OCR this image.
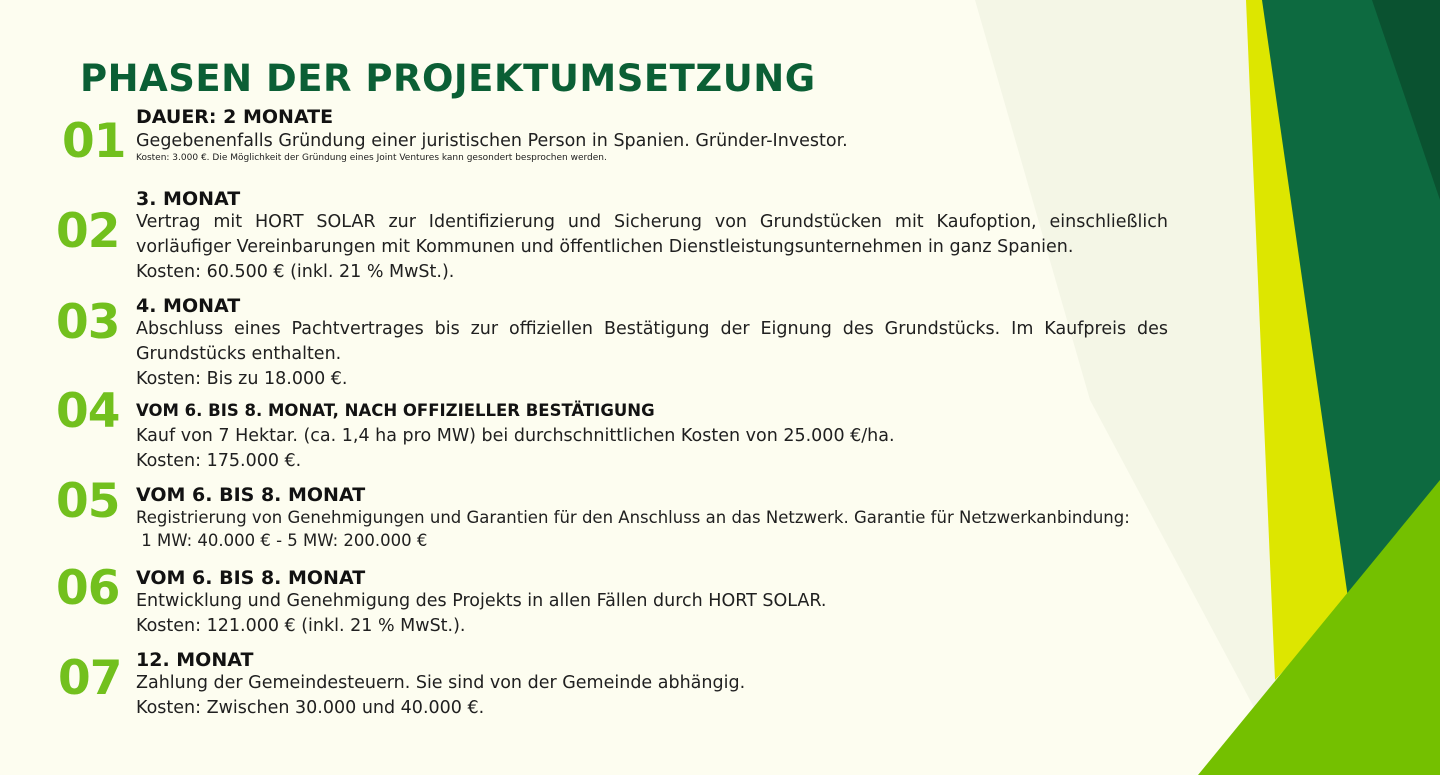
PHASEN DER PROJEKTUMSETZUNG
01 DAUER: 2 MONATE

Gegebenenfalls Gründung einer juristischen Person in Spanien. Gründer-Investor.

Kosten: 3.000 €. Die Möglichkeit der Gründung eines Joint Ventures kann gesondert besprochen werden.
02
3. MONAT

Vertrag mit HORT SOLAR zur Identifizierung und Sicherung von Grundstücken mit Kaufoption, einschließlich vorläufiger Vereinbarungen mit Kommunen und öffentlichen Dienstleistungsunternehmen in ganz Spanien.

Kosten: 60.500 € (inkl. 21 % MwSt.).
03 4. MONAT

Abschluss eines Pachtvertrages bis zur offiziellen Bestätigung der Eignung des Grundstücks. Im Kaufpreis des Grundstücks enthalten.

Kosten: Bis zu 18.000 €.
04 VOM 6. BIS 8. MONAT, NACH OFFIZIELLER BESTÄTIGUNG

Kauf von 7 Hektar. (ca. 1,4 ha pro MW) bei durchschnittlichen Kosten von 25.000 €/ha.

Kosten: 175.000 €.
05 VOM 6. BIS 8. MONAT

Registrierung von Genehmigungen und Garantien für den Anschluss an das Netzwerk. Garantie für Netzwerkanbindung:

1 MW: 40.000 € - 5 MW: 200.000 €
06 VOM 6. BIS 8. MONAT

Entwicklung und Genehmigung des Projekts in allen Fällen durch HORT SOLAR.

Kosten: 121.000 € (inkl. 21 % MwSt.).
07 12. MONAT

Zahlung der Gemeindesteuern. Sie sind von der Gemeinde abhängig.

Kosten: Zwischen 30.000 und 40.000 €.
